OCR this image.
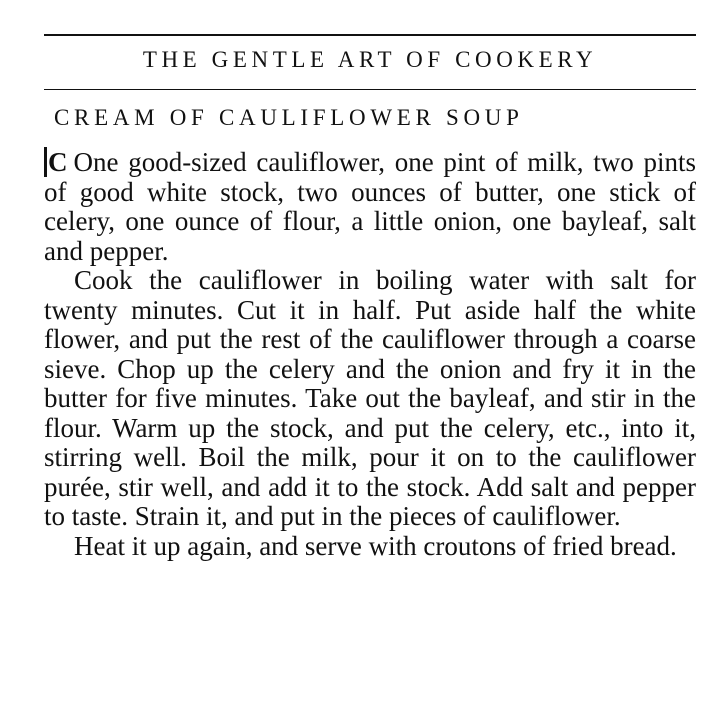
THE GENTLE ART OF COOKERY
CREAM OF CAULIFLOWER SOUP

C One good-sized cauliflower, one pint of milk, two pints of good white stock, two ounces of butter, one stick of celery, one ounce of flour, a little onion, one bayleaf, salt and pepper.

Cook the cauliflower in boiling water with salt for twenty minutes. Cut it in half. Put aside half the white flower, and put the rest of the cauliflower through a coarse sieve. Chop up the celery and the onion and fry it in the butter for five minutes. Take out the bayleaf, and stir in the flour. Warm up the stock, and put the celery, etc., into it, stirring well. Boil the milk, pour it on to the cauliflower purée, stir well, and add it to the stock. Add salt and pepper to taste. Strain it, and put in the pieces of cauliflower.

Heat it up again, and serve with croutons of fried bread.
